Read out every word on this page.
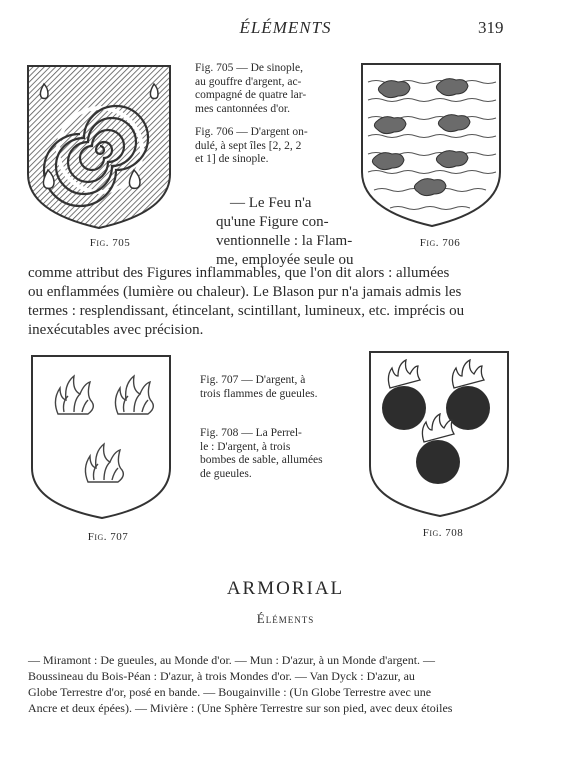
ÉLÉMENTS	319
Fig. 705
Fig. 705 — De sinople,
au gouffre d'argent, ac-
compagné de quatre lar-
mes cantonnées d'or.
Fig. 706 — D'argent on-
dulé, à sept îles [2, 2, 2
et 1] de sinople.
Fig. 706
— Le Feu n'a
qu'une Figure con-
ventionnelle : la Flam-
me, employée seule ou
comme attribut des Figures inflammables, que l'on dit alors : allumées
ou enflammées (lumière ou chaleur). Le Blason pur n'a jamais admis les
termes : resplendissant, étincelant, scintillant, lumineux, etc. imprécis ou
inexécutables avec précision.
Fig. 707
Fig. 707 — D'argent, à
trois flammes de gueules.
Fig. 708 — La Perrel-
le : D'argent, à trois
bombes de sable, allumées
de gueules.
Fig. 708
ARMORIAL
Éléments
— Miramont : De gueules, au Monde d'or. — Mun : D'azur, à un Monde d'argent. —
Boussineau du Bois-Péan : D'azur, à trois Mondes d'or. — Van Dyck : D'azur, au
Globe Terrestre d'or, posé en bande. — Bougainville : (Un Globe Terrestre avec une
Ancre et deux épées). — Mivière : (Une Sphère Terrestre sur son pied, avec deux étoiles
